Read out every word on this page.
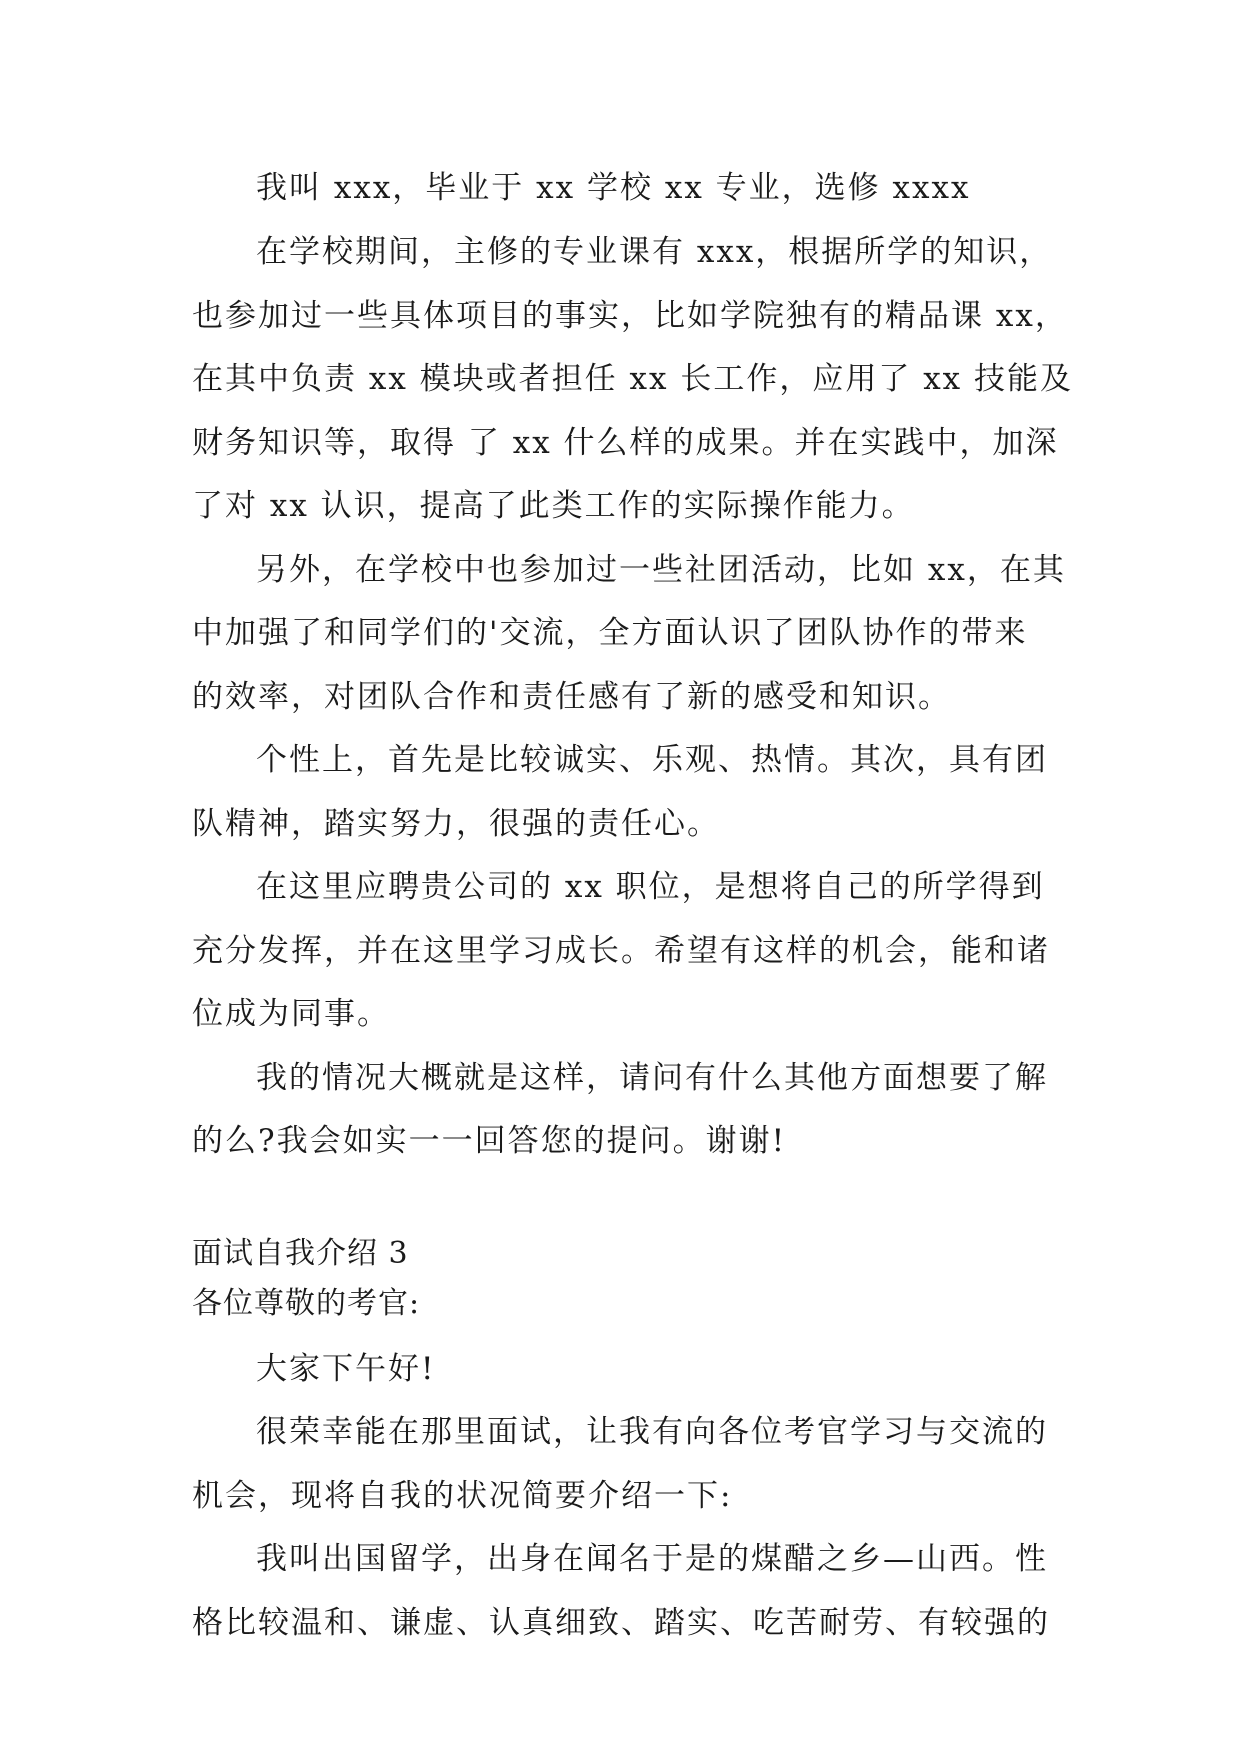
我叫 xxx，毕业于 xx 学校 xx 专业，选修 xxxx

在学校期间，主修的专业课有 xxx，根据所学的知识，

也参加过一些具体项目的事实，比如学院独有的精品课 xx，

在其中负责 xx 模块或者担任 xx 长工作，应用了 xx 技能及

财务知识等，取得 了 xx 什么样的成果。并在实践中，加深

了对 xx 认识，提高了此类工作的实际操作能力。

另外，在学校中也参加过一些社团活动，比如 xx，在其

中加强了和同学们的'交流，全方面认识了团队协作的带来

的效率，对团队合作和责任感有了新的感受和知识。

个性上，首先是比较诚实、乐观、热情。其次，具有团

队精神，踏实努力，很强的责任心。

在这里应聘贵公司的 xx 职位，是想将自己的所学得到

充分发挥，并在这里学习成长。希望有这样的机会，能和诸

位成为同事。

我的情况大概就是这样，请问有什么其他方面想要了解

的么?我会如实一一回答您的提问。谢谢!

面试自我介绍 3

各位尊敬的考官:

大家下午好!

很荣幸能在那里面试，让我有向各位考官学习与交流的

机会，现将自我的状况简要介绍一下:

我叫出国留学，出身在闻名于是的煤醋之乡—山西。性

格比较温和、谦虚、认真细致、踏实、吃苦耐劳、有较强的
